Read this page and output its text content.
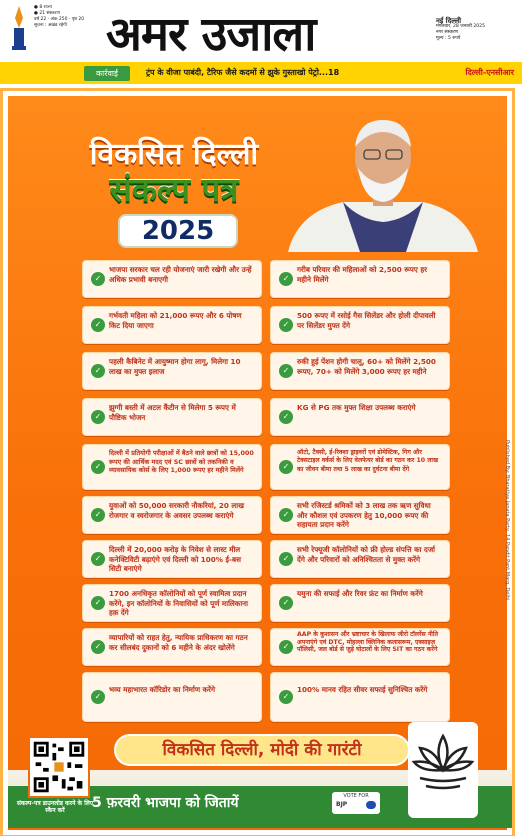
● 8 राज्य
● 21 संस्करण
वर्ष 22 · अंक 250 · पृष्ठ 20
सूचना : अखंड रहेगी अमर उजाला	नई दिल्ली
मंगलवार, 28 जनवरी 2025
नगर संस्करण
मूल्य : 5 रुपये
कार्रवाई	ट्रंप के वीजा पाबंदी, टैरिफ जैसे कदमों से झुके गुस्ताखो पेट्रो...18	दिल्ली-एनसीआर
Published By: Bharatiya Janata Party, 14 Pandit Pant Marg, Delhi
विकसित दिल्ली
संकल्प पत्र
2025
✓
भाजपा सरकार चल रही योजनाएं जारी रखेगी और उन्हें अधिक प्रभावी बनाएगी
✓
गर्भवती महिला को 21,000 रूपए और 6 पोषण किट दिया जाएगा
✓
पहली कैबिनेट में आयुष्मान होगा लागू, मिलेगा 10 लाख का मुफ्त इलाज
✓
झुग्गी बस्ती में अटल कैंटीन से मिलेगा 5 रूपए में पौष्टिक भोजन
✓
दिल्ली में प्रतियोगी परीक्षाओं में बैठने वाले छात्रों को 15,000 रूपए की आर्थिक मदद एवं SC छात्रों को तकनिकी व व्यावसायिक कोर्स के लिए 1,000 रूपए हर महीने मिलेंगे
✓
युवाओं को 50,000 सरकारी नौकरियां, 20 लाख रोजगार व स्वरोजगार के अवसर उपलब्ध कराएंगे
✓
दिल्ली में 20,000 करोड़ के निवेश से लास्ट मील कनेक्टिविटी बढ़ाएंगे एवं दिल्ली को 100% ई-बस सिटी बनाएंगे
✓
1700 अनधिकृत कॉलोनियों को पूर्ण स्वामित्व प्रदान करेंगे, इन कॉलोनियों के निवासियों को पूर्ण मालिकाना हक़ देंगे
✓
व्यापारियों को राहत हेतु, न्यायिक प्राधिकरण का गठन कर सीलबंद दुकानों को 6 महीने के अंदर खोलेंगे
✓
भव्य महाभारत कॉरिडोर का निर्माण करेंगे
✓
गरीब परिवार की महिलाओं को 2,500 रूपए हर महीने मिलेंगे
✓
500 रूपए में रसोई गैस सिलेंडर और होली दीपावली पर सिलेंडर मुफ्त देंगे
✓
रुकी हुई पेंशन होगी चालू, 60+ को मिलेंगे 2,500 रूपए, 70+ को मिलेंगे 3,000 रूपए हर महीने
✓
KG से PG तक मुफ्त शिक्षा उपलब्ध कराएंगे
✓
ऑटो, टैक्सी, ई-रिक्शा ड्राइवरों एवं डोमेस्टिक, गिग और टेक्सटाइल वर्कर्स के लिए वेलफेयर बोर्ड का गठन कर 10 लाख का जीवन बीमा तथा 5 लाख का दुर्घटना बीमा देंगे
✓
सभी रजिस्टर्ड श्रमिकों को 3 लाख तक ऋण सुविधा और कौशल एवं उपकरण हेतु 10,000 रूपए की सहायता प्रदान करेंगे
✓
सभी रेफ्यूजी कॉलोनियों को फ्री होल्ड संपत्ति का दर्जा देंगे और परिवारों को अनिश्चितता से मुक्त करेंगे
✓
यमुना की सफाई और रिवर फ्रंट का निर्माण करेंगे
✓
AAP के कुशासन और भ्रष्टाचार के खिलाफ जीरो टॉलरेंस नीति अपनाएंगे एवं DTC, मोहल्ला क्लिनिक कलासरूम, एक्साइज़ पॉलिसी, जल बोर्ड से जुड़े घोटालों के लिए SIT का गठन करेंगे
✓
100% मानव रहित सीवर सफाई सुनिश्चित करेंगे
विकसित दिल्ली, मोदी की गारंटी
5 फ़रवरी भाजपा को जितायें	VOTE FOR
BJP
संकल्प-पत्र डाउनलोड करने के लिए स्कैन करें
